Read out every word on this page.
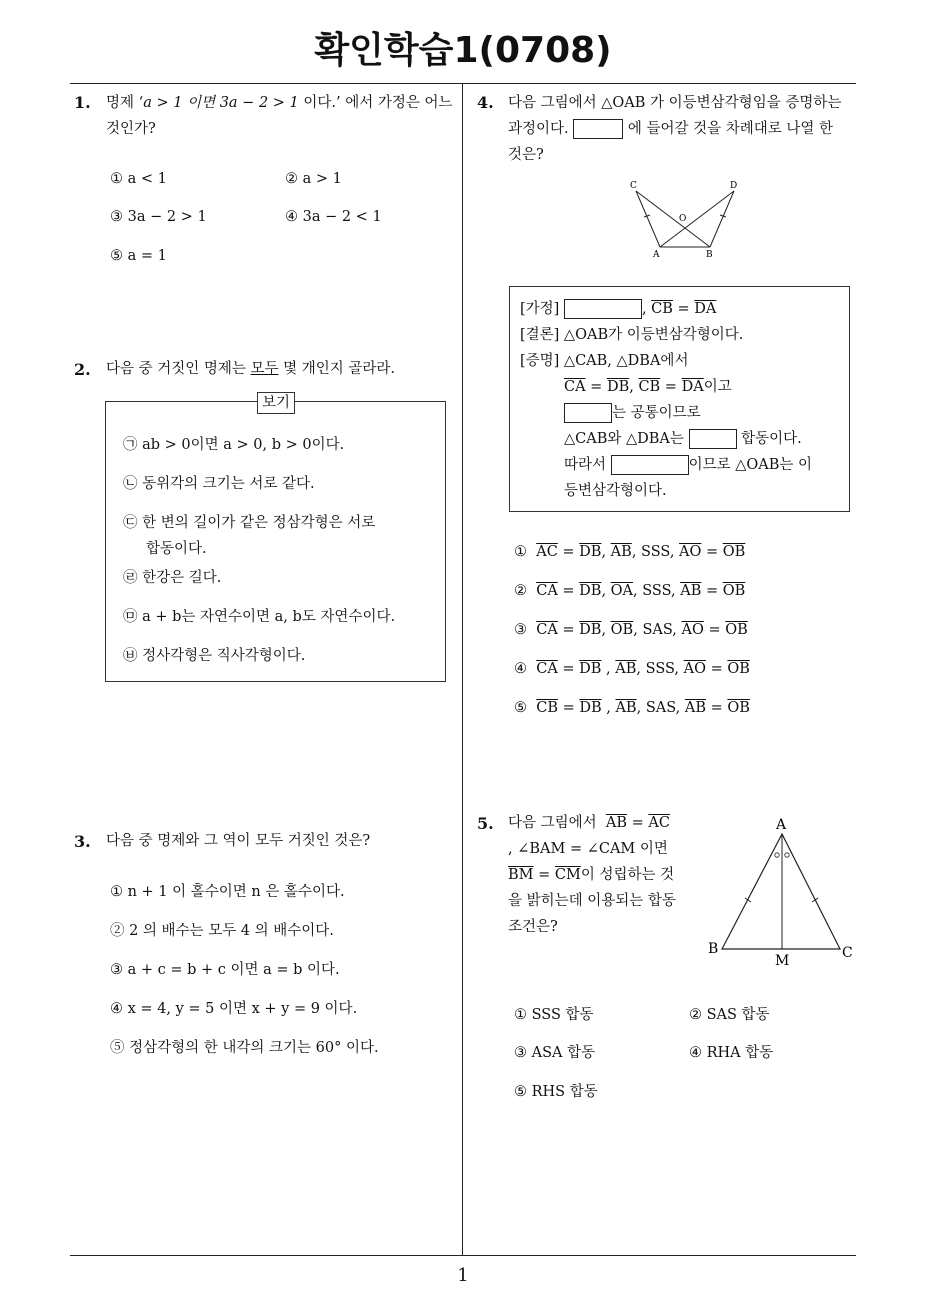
확인학습1(0708)
1
1. 명제 ‘a > 1 이면 3a − 2 > 1 이다.’ 에서 가정은 어느
것인가?
① a < 1	② a > 1
③ 3a − 2 > 1	④ 3a − 2 < 1
⑤ a = 1
2. 다음 중 거짓인 명제는 모두 몇 개인지 골라라.
보기
㉠ ab > 0이면 a > 0, b > 0이다.
㉡ 동위각의 크기는 서로 같다.
㉢ 한 변의 길이가 같은 정삼각형은 서로
합동이다.
㉣ 한강은 길다.
㉤ a + b는 자연수이면 a, b도 자연수이다.
㉥ 정사각형은 직사각형이다.
3. 다음 중 명제와 그 역이 모두 거짓인 것은?
① n + 1 이 홀수이면 n 은 홀수이다.
② 2 의 배수는 모두 4 의 배수이다.
③ a + c = b + c 이면 a = b 이다.
④ x = 4, y = 5 이면 x + y = 9 이다.
⑤ 정삼각형의 한 내각의 크기는 60° 이다.
4. 다음 그림에서 △OAB 가 이등변삼각형임을 증명하는
과정이다.	에 들어갈 것을 차례대로 나열 한
것은?
C	D
O
A	B
[가정]	, $\overline{CB} = \overline{DA}$
[결론] △OAB가 이등변삼각형이다.
[증명] △CAB, △DBA에서
$\overline{CA} = \overline{DB}$, $\overline{CB} = \overline{DA}$이고
는 공통이므로
△CAB와 △DBA는	합동이다.
따라서	이므로 △OAB는 이
등변삼각형이다.
① $\overline{AC} = \overline{DB}$, $\overline{AB}$, SSS, $\overline{AO} = \overline{OB}$
② $\overline{CA} = \overline{DB}$, $\overline{OA}$, SSS, $\overline{AB} = \overline{OB}$
③ $\overline{CA} = \overline{DB}$, $\overline{OB}$, SAS, $\overline{AO} = \overline{OB}$
④ $\overline{CA} = \overline{DB}$ , $\overline{AB}$, SSS, $\overline{AO} = \overline{OB}$
⑤ $\overline{CB} = \overline{DB}$ , $\overline{AB}$, SAS, $\overline{AB} = \overline{OB}$
5. 다음 그림에서 $\overline{AB} = \overline{AC}$
, ∠BAM = ∠CAM 이면
$\overline{BM} = \overline{CM}$이 성립하는 것
을 밝히는데 이용되는 합동
조건은?
A
B	C
M
① SSS 합동	② SAS 합동
③ ASA 합동	④ RHA 합동
⑤ RHS 합동
